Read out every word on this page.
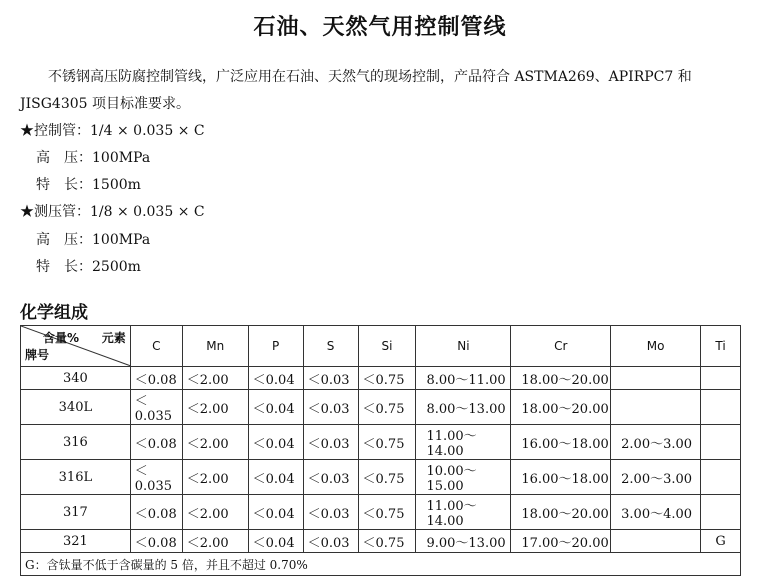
石油、天然气用控制管线
不锈钢高压防腐控制管线，广泛应用在石油、天然气的现场控制，产品符合 ASTMA269、APIRPC7 和 JISG4305 项目标准要求。
★控制管：1/4 × 0.035 × C
高　压：100MPa
特　长：1500m
★测压管：1/8 × 0.035 × C
高　压：100MPa
特　长：2500m
化学组成
含量% 元素
牌号	C	Mn	P	S	Si	Ni	Cr	Mo	Ti
340	＜0.08	＜2.00	＜0.04	＜0.03	＜0.75	8.00～11.00	18.00～20.00		
340L	＜0.035	＜2.00	＜0.04	＜0.03	＜0.75	8.00～13.00	18.00～20.00		
316	＜0.08	＜2.00	＜0.04	＜0.03	＜0.75	11.00～14.00	16.00～18.00	2.00～3.00	
316L	＜0.035	＜2.00	＜0.04	＜0.03	＜0.75	10.00～15.00	16.00～18.00	2.00～3.00	
317	＜0.08	＜2.00	＜0.04	＜0.03	＜0.75	11.00～14.00	18.00～20.00	3.00～4.00	
321	＜0.08	＜2.00	＜0.04	＜0.03	＜0.75	9.00～13.00	17.00～20.00		G
G：含钛量不低于含碳量的 5 倍，并且不超过 0.70%									
